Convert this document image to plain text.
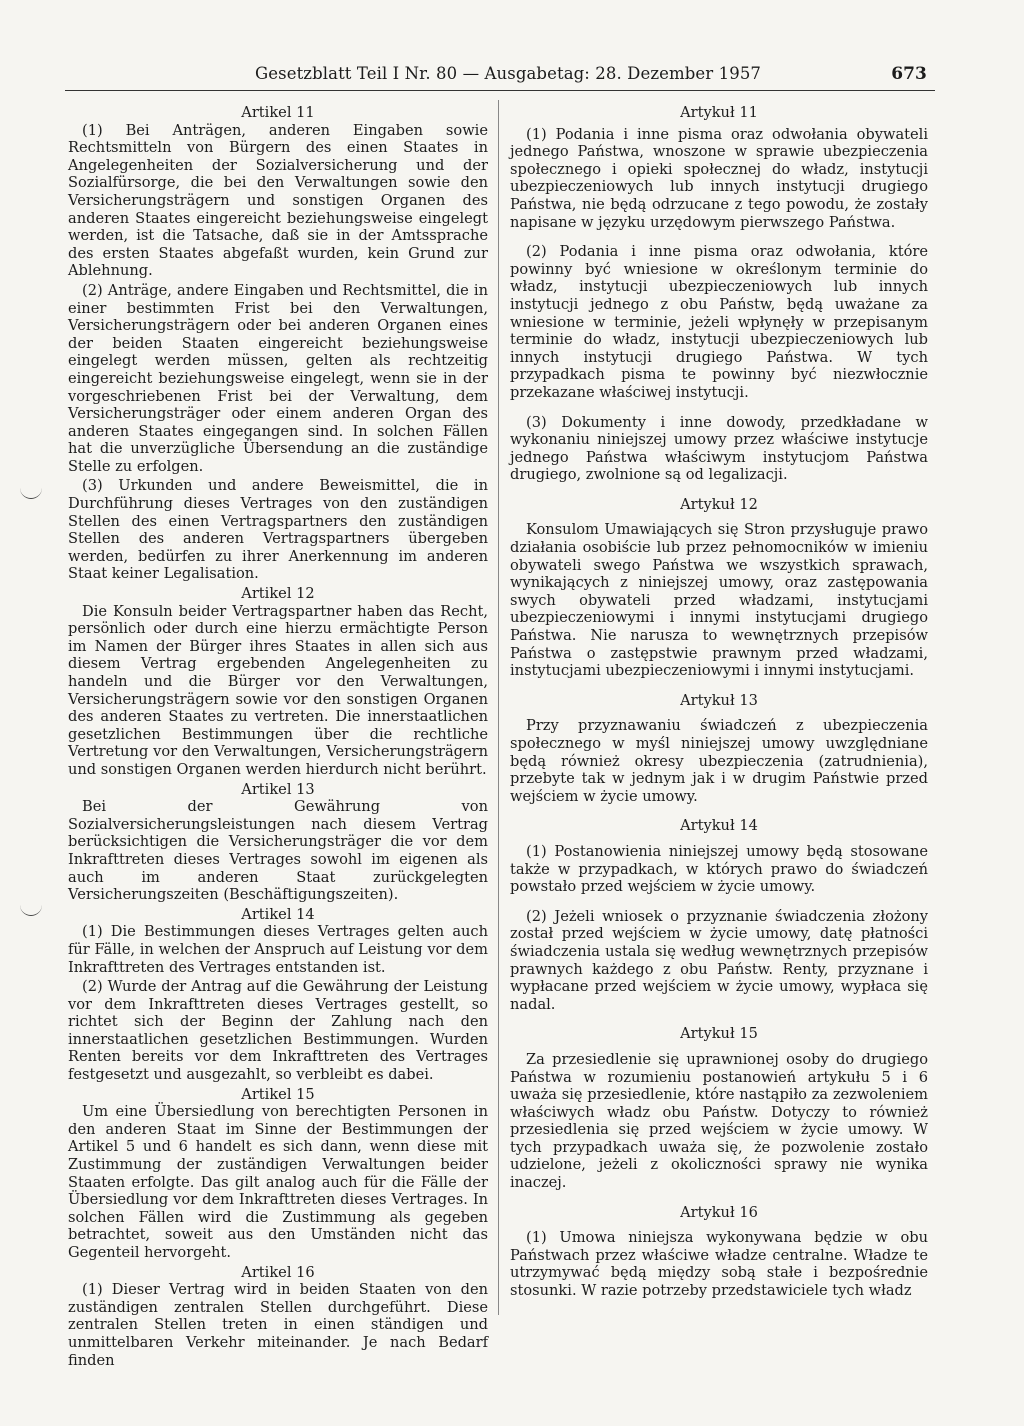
Gesetzblatt Teil I Nr. 80 — Ausgabetag: 28. Dezember 1957	673
Artikel 11

(1) Bei Anträgen, anderen Eingaben sowie Rechtsmitteln von Bürgern des einen Staates in Angelegenheiten der Sozialversicherung und der Sozialfürsorge, die bei den Verwaltungen sowie den Versicherungsträgern und sonstigen Organen des anderen Staates eingereicht beziehungsweise eingelegt werden, ist die Tatsache, daß sie in der Amtssprache des ersten Staates abgefaßt wurden, kein Grund zur Ablehnung.

(2) Anträge, andere Eingaben und Rechtsmittel, die in einer bestimmten Frist bei den Verwaltungen, Versicherungsträgern oder bei anderen Organen eines der beiden Staaten eingereicht beziehungsweise eingelegt werden müssen, gelten als rechtzeitig eingereicht beziehungsweise eingelegt, wenn sie in der vorgeschriebenen Frist bei der Verwaltung, dem Versicherungsträger oder einem anderen Organ des anderen Staates eingegangen sind. In solchen Fällen hat die unverzügliche Übersendung an die zuständige Stelle zu erfolgen.

(3) Urkunden und andere Beweismittel, die in Durchführung dieses Vertrages von den zuständigen Stellen des einen Vertragspartners den zuständigen Stellen des anderen Vertragspartners übergeben werden, bedürfen zu ihrer Anerkennung im anderen Staat keiner Legalisation.

Artikel 12

Die Konsuln beider Vertragspartner haben das Recht, persönlich oder durch eine hierzu ermächtigte Person im Namen der Bürger ihres Staates in allen sich aus diesem Vertrag ergebenden Angelegenheiten zu handeln und die Bürger vor den Verwaltungen, Versicherungsträgern sowie vor den sonstigen Organen des anderen Staates zu vertreten. Die innerstaatlichen gesetzlichen Bestimmungen über die rechtliche Vertretung vor den Verwaltungen, Versicherungsträgern und sonstigen Organen werden hierdurch nicht berührt.

Artikel 13

Bei der Gewährung von Sozialversicherungsleistungen nach diesem Vertrag berücksichtigen die Versicherungsträger die vor dem Inkrafttreten dieses Vertrages sowohl im eigenen als auch im anderen Staat zurückgelegten Versicherungszeiten (Beschäftigungszeiten).

Artikel 14

(1) Die Bestimmungen dieses Vertrages gelten auch für Fälle, in welchen der Anspruch auf Leistung vor dem Inkrafttreten des Vertrages entstanden ist.

(2) Wurde der Antrag auf die Gewährung der Leistung vor dem Inkrafttreten dieses Vertrages gestellt, so richtet sich der Beginn der Zahlung nach den innerstaatlichen gesetzlichen Bestimmungen. Wurden Renten bereits vor dem Inkrafttreten des Vertrages festgesetzt und ausgezahlt, so verbleibt es dabei.

Artikel 15

Um eine Übersiedlung von berechtigten Personen in den anderen Staat im Sinne der Bestimmungen der Artikel 5 und 6 handelt es sich dann, wenn diese mit Zustimmung der zuständigen Verwaltungen beider Staaten erfolgte. Das gilt analog auch für die Fälle der Übersiedlung vor dem Inkrafttreten dieses Vertrages. In solchen Fällen wird die Zustimmung als gegeben betrachtet, soweit aus den Umständen nicht das Gegenteil hervorgeht.

Artikel 16

(1) Dieser Vertrag wird in beiden Staaten von den zuständigen zentralen Stellen durchgeführt. Diese zentralen Stellen treten in einen ständigen und unmittelbaren Verkehr miteinander. Je nach Bedarf finden

Artykuł 11

(1) Podania i inne pisma oraz odwołania obywateli jednego Państwa, wnoszone w sprawie ubezpieczenia społecznego i opieki społecznej do władz, instytucji ubezpieczeniowych lub innych instytucji drugiego Państwa, nie będą odrzucane z tego powodu, że zostały napisane w języku urzędowym pierwszego Państwa.

(2) Podania i inne pisma oraz odwołania, które powinny być wniesione w określonym terminie do władz, instytucji ubezpieczeniowych lub innych instytucji jednego z obu Państw, będą uważane za wniesione w terminie, jeżeli wpłynęły w przepisanym terminie do władz, instytucji ubezpieczeniowych lub innych instytucji drugiego Państwa. W tych przypadkach pisma te powinny być niezwłocznie przekazane właściwej instytucji.

(3) Dokumenty i inne dowody, przedkładane w wykonaniu niniejszej umowy przez właściwe instytucje jednego Państwa właściwym instytucjom Państwa drugiego, zwolnione są od legalizacji.

Artykuł 12

Konsulom Umawiających się Stron przysługuje prawo działania osobiście lub przez pełnomocników w imieniu obywateli swego Państwa we wszystkich sprawach, wynikających z niniejszej umowy, oraz zastępowania swych obywateli przed władzami, instytucjami ubezpieczeniowymi i innymi instytucjami drugiego Państwa. Nie narusza to wewnętrznych przepisów Państwa o zastępstwie prawnym przed władzami, instytucjami ubezpieczeniowymi i innymi instytucjami.

Artykuł 13

Przy przyznawaniu świadczeń z ubezpieczenia społecznego w myśl niniejszej umowy uwzględniane będą również okresy ubezpieczenia (zatrudnienia), przebyte tak w jednym jak i w drugim Państwie przed wejściem w życie umowy.

Artykuł 14

(1) Postanowienia niniejszej umowy będą stosowane także w przypadkach, w których prawo do świadczeń powstało przed wejściem w życie umowy.

(2) Jeżeli wniosek o przyznanie świadczenia złożony został przed wejściem w życie umowy, datę płatności świadczenia ustala się według wewnętrznych przepisów prawnych każdego z obu Państw. Renty, przyznane i wypłacane przed wejściem w życie umowy, wypłaca się nadal.

Artykuł 15

Za przesiedlenie się uprawnionej osoby do drugiego Państwa w rozumieniu postanowień artykułu 5 i 6 uważa się przesiedlenie, które nastąpiło za zezwoleniem właściwych władz obu Państw. Dotyczy to również przesiedlenia się przed wejściem w życie umowy. W tych przypadkach uważa się, że pozwolenie zostało udzielone, jeżeli z okoliczności sprawy nie wynika inaczej.

Artykuł 16

(1) Umowa niniejsza wykonywana będzie w obu Państwach przez właściwe władze centralne. Władze te utrzymywać będą między sobą stałe i bezpośrednie stosunki. W razie potrzeby przedstawiciele tych władz
